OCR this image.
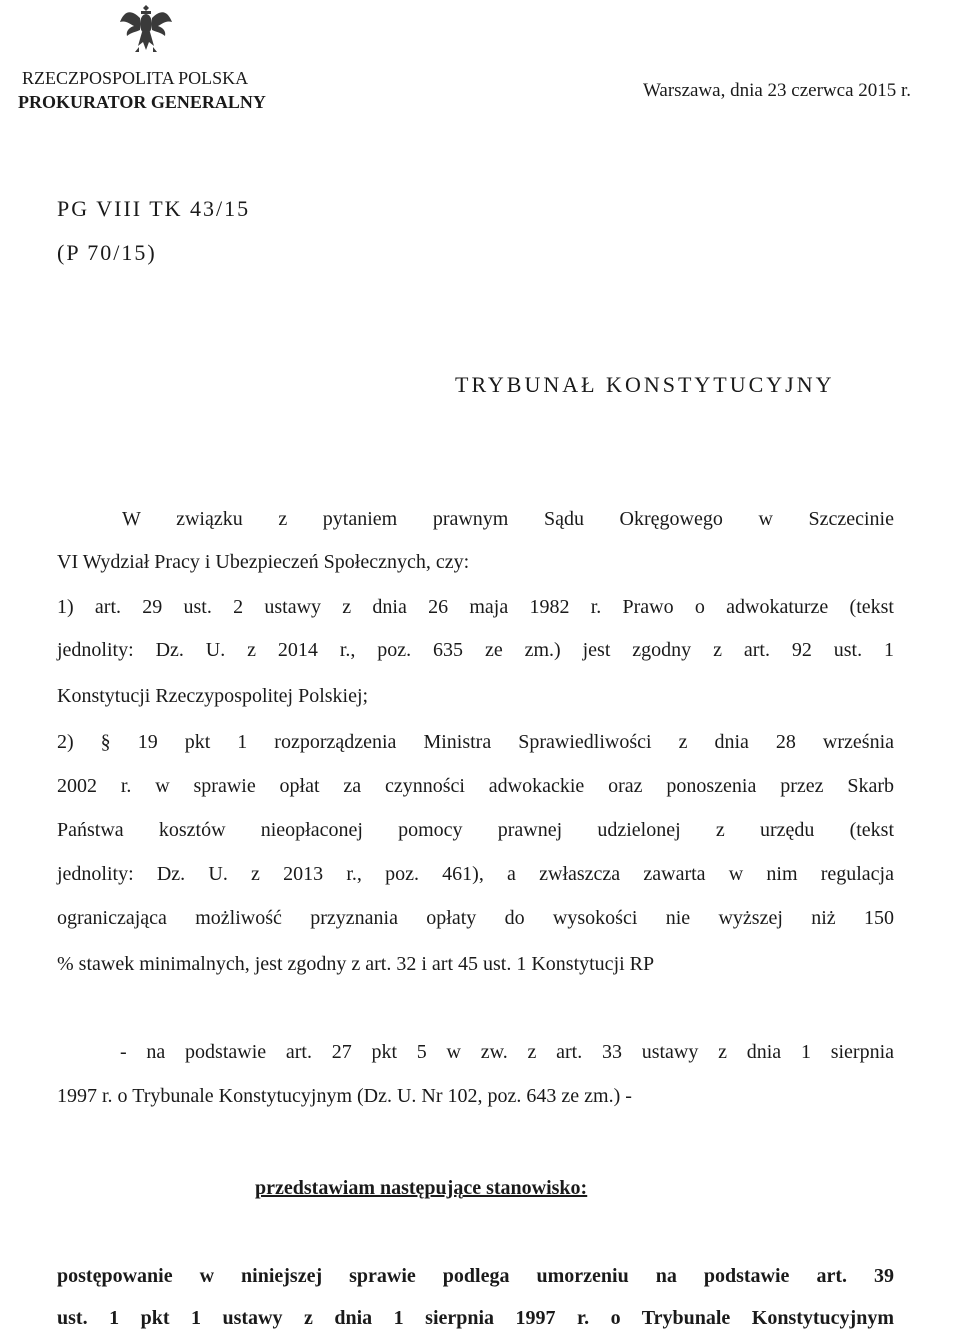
RZECZPOSPOLITA POLSKA
PROKURATOR GENERALNY
Warszawa, dnia 23 czerwca 2015 r.
PG VIII TK 43/15
(P 70/15)
TRYBUNAŁ KONSTYTUCYJNY
W związku z pytaniem prawnym Sądu Okręgowego w Szczecinie
VI Wydział Pracy i Ubezpieczeń Społecznych, czy:
1) art. 29 ust. 2 ustawy z dnia 26 maja 1982 r. Prawo o adwokaturze (tekst
jednolity: Dz. U. z 2014 r., poz. 635 ze zm.) jest zgodny z art. 92 ust. 1
Konstytucji Rzeczypospolitej Polskiej;
2) § 19 pkt 1 rozporządzenia Ministra Sprawiedliwości z dnia 28 września
2002 r. w sprawie opłat za czynności adwokackie oraz ponoszenia przez Skarb
Państwa kosztów nieopłaconej pomocy prawnej udzielonej z urzędu (tekst
jednolity: Dz. U. z 2013 r., poz. 461), a zwłaszcza zawarta w nim regulacja
ograniczająca możliwość przyznania opłaty do wysokości nie wyższej niż 150
% stawek minimalnych, jest zgodny z art. 32 i art 45 ust. 1 Konstytucji RP
- na podstawie art. 27 pkt 5 w zw. z art. 33 ustawy z dnia 1 sierpnia
1997 r. o Trybunale Konstytucyjnym (Dz. U. Nr 102, poz. 643 ze zm.) -
przedstawiam następujące stanowisko:
postępowanie w niniejszej sprawie podlega umorzeniu na podstawie art. 39
ust. 1 pkt 1 ustawy z dnia 1 sierpnia 1997 r. o Trybunale Konstytucyjnym
